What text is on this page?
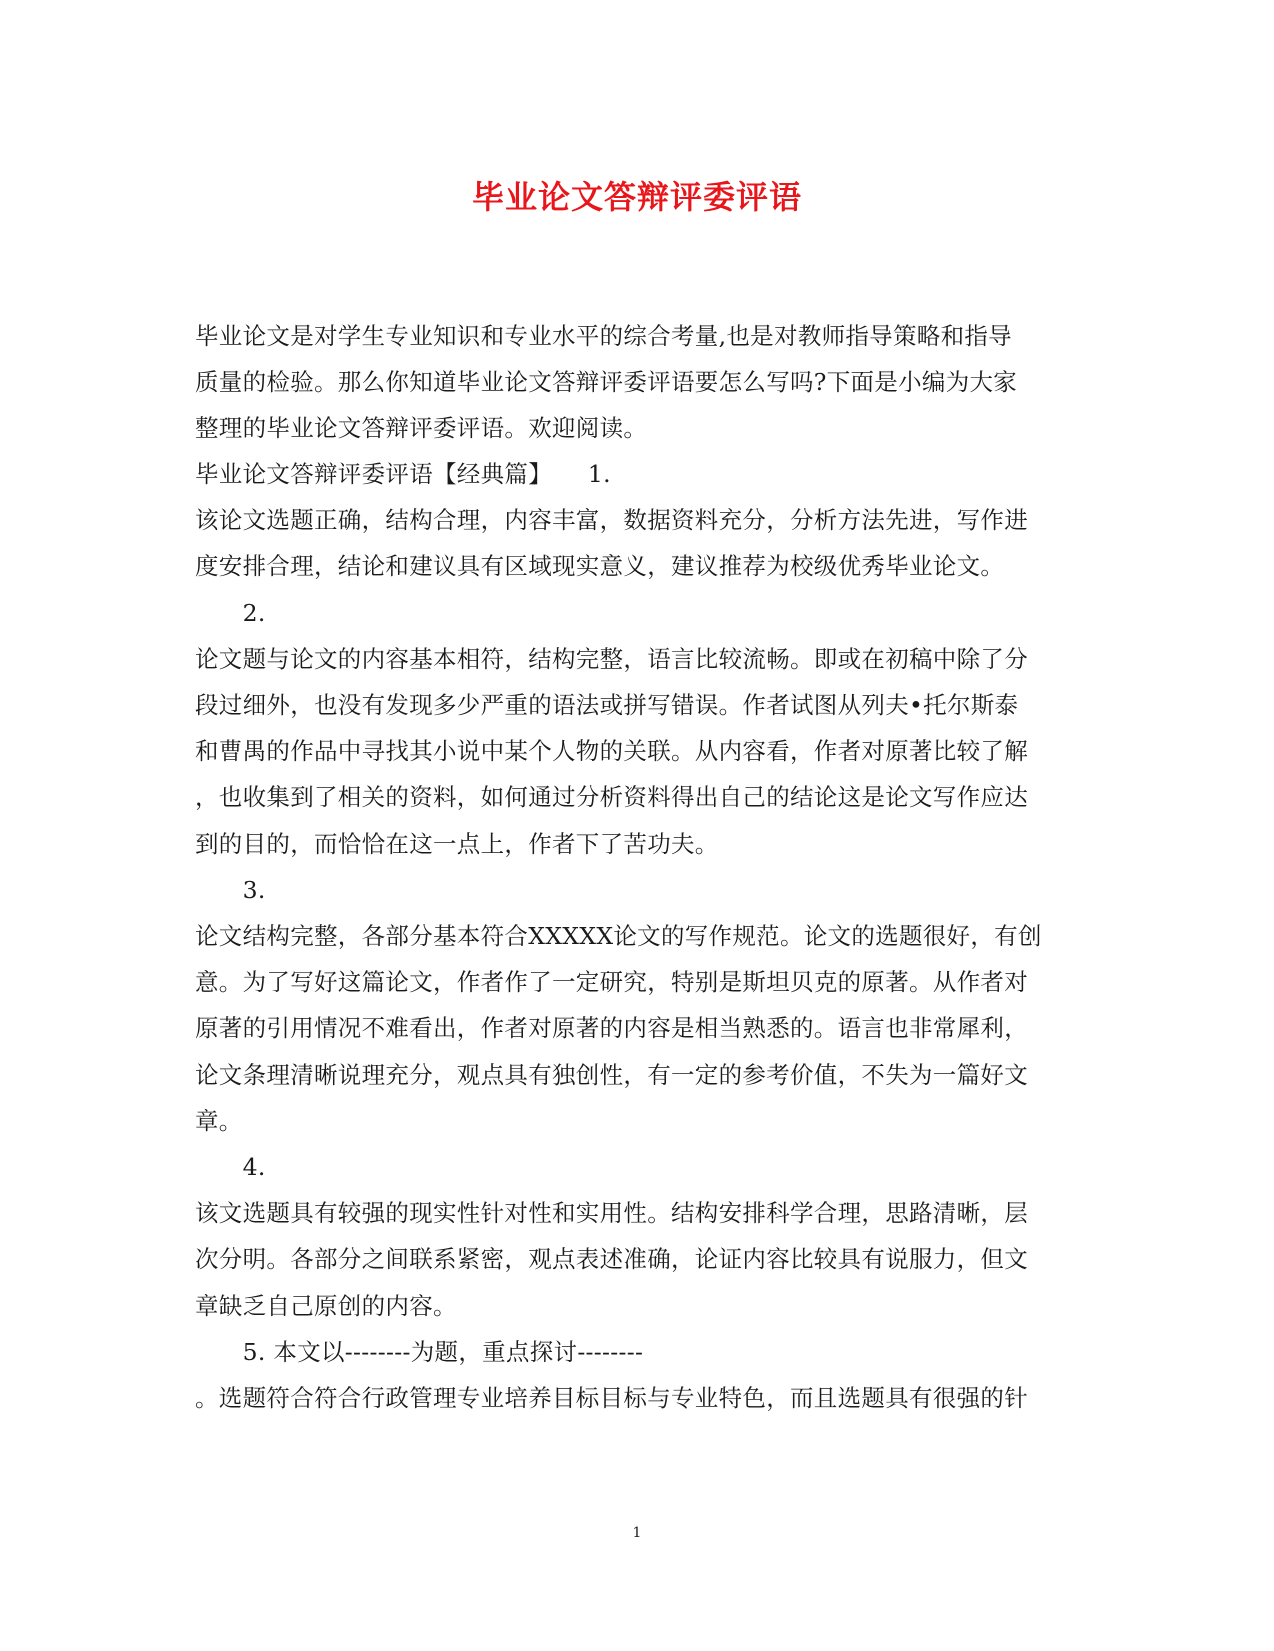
毕业论文答辩评委评语
毕业论文是对学生专业知识和专业水平的综合考量,也是对教师指导策略和指导
质量的检验。那么你知道毕业论文答辩评委评语要怎么写吗?下面是小编为大家
整理的毕业论文答辩评委评语。欢迎阅读。
毕业论文答辩评委评语【经典篇】　　1.
该论文选题正确，结构合理，内容丰富，数据资料充分，分析方法先进，写作进
度安排合理，结论和建议具有区域现实意义，建议推荐为校级优秀毕业论文。
　　2.
论文题与论文的内容基本相符，结构完整，语言比较流畅。即或在初稿中除了分
段过细外，也没有发现多少严重的语法或拼写错误。作者试图从列夫•托尔斯泰
和曹禺的作品中寻找其小说中某个人物的关联。从内容看，作者对原著比较了解
，也收集到了相关的资料，如何通过分析资料得出自己的结论这是论文写作应达
到的目的，而恰恰在这一点上，作者下了苦功夫。
　　3.
论文结构完整，各部分基本符合XXXXX论文的写作规范。论文的选题很好，有创
意。为了写好这篇论文，作者作了一定研究，特别是斯坦贝克的原著。从作者对
原著的引用情况不难看出，作者对原著的内容是相当熟悉的。语言也非常犀利，
论文条理清晰说理充分，观点具有独创性，有一定的参考价值，不失为一篇好文
章。
　　4.
该文选题具有较强的现实性针对性和实用性。结构安排科学合理，思路清晰，层
次分明。各部分之间联系紧密，观点表述准确，论证内容比较具有说服力，但文
章缺乏自己原创的内容。
　　5. 本文以--------为题，重点探讨--------
。选题符合符合行政管理专业培养目标目标与专业特色，而且选题具有很强的针
1
